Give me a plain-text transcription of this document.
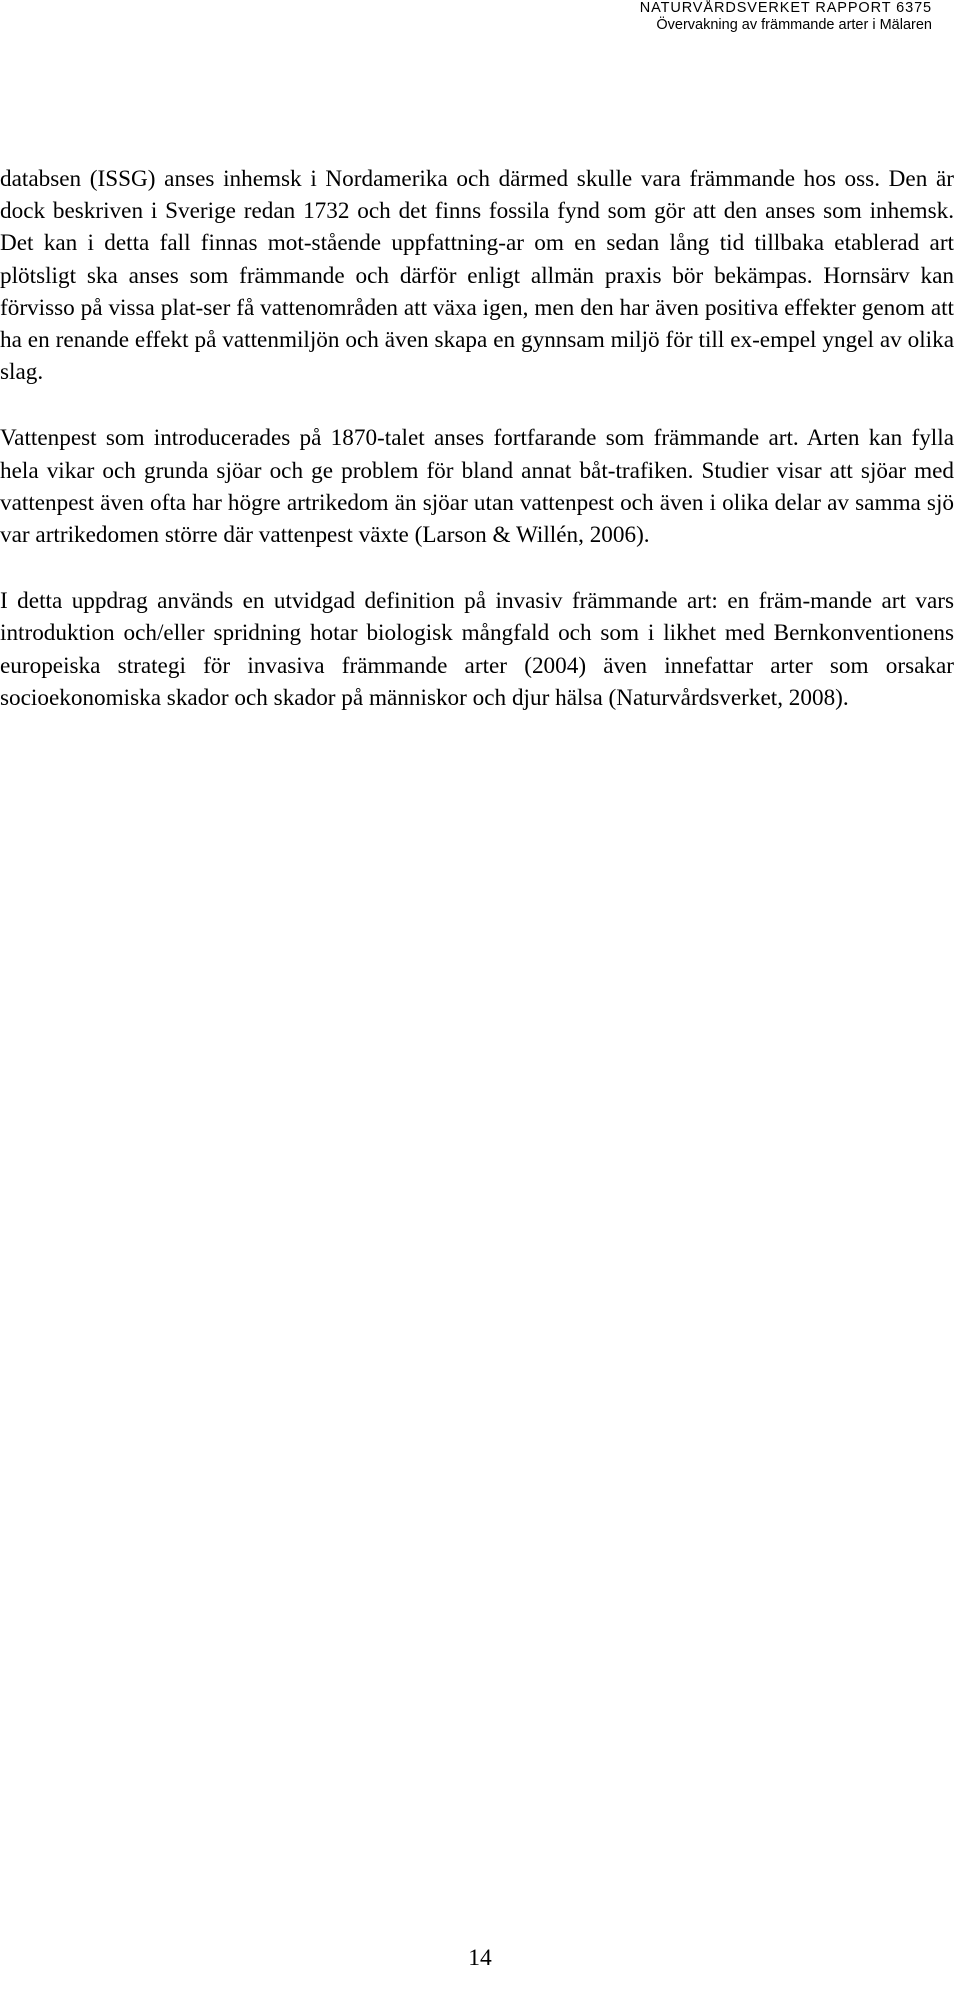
NATURVÅRDSVERKET RAPPORT 6375
Övervakning av främmande arter i Mälaren

databsen (ISSG) anses inhemsk i Nordamerika och därmed skulle vara främmande hos oss. Den är dock beskriven i Sverige redan 1732 och det finns fossila fynd som gör att den anses som inhemsk. Det kan i detta fall finnas mot-stående uppfattning-ar om en sedan lång tid tillbaka etablerad art plötsligt ska anses som främmande och därför enligt allmän praxis bör bekämpas. Hornsärv kan förvisso på vissa plat-ser få vattenområden att växa igen, men den har även positiva effekter genom att ha en renande effekt på vattenmiljön och även skapa en gynnsam miljö för till ex-empel yngel av olika slag.

Vattenpest som introducerades på 1870-talet anses fortfarande som främmande art. Arten kan fylla hela vikar och grunda sjöar och ge problem för bland annat båt-trafiken. Studier visar att sjöar med vattenpest även ofta har högre artrikedom än sjöar utan vattenpest och även i olika delar av samma sjö var artrikedomen större där vattenpest växte (Larson & Willén, 2006).

I detta uppdrag används en utvidgad definition på invasiv främmande art: en främ-mande art vars introduktion och/eller spridning hotar biologisk mångfald och som i likhet med Bernkonventionens europeiska strategi för invasiva främmande arter (2004) även innefattar arter som orsakar socioekonomiska skador och skador på människor och djur hälsa (Naturvårdsverket, 2008).

14
